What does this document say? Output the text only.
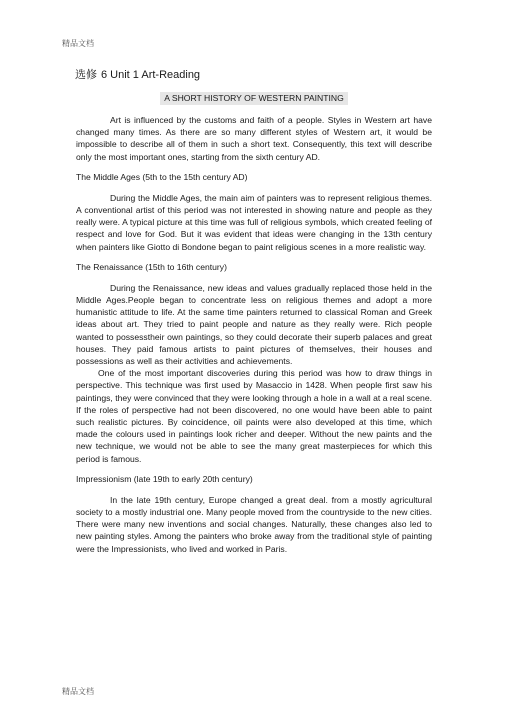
精品文档
选修 6 Unit 1 Art-Reading
A SHORT HISTORY OF WESTERN PAINTING

Art is influenced by the customs and faith of a people. Styles in Western art have changed many times. As there are so many different styles of Western art, it would be impossible to describe all of them in such a short text. Consequently, this text will describe only the most important ones, starting from the sixth century AD.

The Middle Ages (5th to the 15th century AD)

During the Middle Ages, the main aim of painters was to represent religious themes. A conventional artist of this period was not interested in showing nature and people as they really were. A typical picture at this time was full of religious symbols, which created feeling of respect and love for God. But it was evident that ideas were changing in the 13th century when painters like Giotto di Bondone began to paint religious scenes in a more realistic way.

The Renaissance (15th to 16th century)

During the Renaissance, new ideas and values gradually replaced those held in the Middle Ages.People began to concentrate less on religious themes and adopt a more humanistic attitude to life. At the same time painters returned to classical Roman and Greek ideas about art. They tried to paint people and nature as they really were. Rich people wanted to possesstheir own paintings, so they could decorate their superb palaces and great houses. They paid famous artists to paint pictures of themselves, their houses and possessions as well as their activities and achievements.

One of the most important discoveries during this period was how to draw things in perspective. This technique was first used by Masaccio in 1428. When people first saw his paintings, they were convinced that they were looking through a hole in a wall at a real scene. If the roles of perspective had not been discovered, no one would have been able to paint such realistic pictures. By coincidence, oil paints were also developed at this time, which made the colours used in paintings look richer and deeper. Without the new paints and the new technique, we would not be able to see the many great masterpieces for which this period is famous.

Impressionism (late 19th to early 20th century)

In the late 19th century, Europe changed a great deal. from a mostly agricultural society to a mostly industrial one. Many people moved from the countryside to the new cities. There were many new inventions and social changes. Naturally, these changes also led to new painting styles. Among the painters who broke away from the traditional style of painting were the Impressionists, who lived and worked in Paris.

精品文档
